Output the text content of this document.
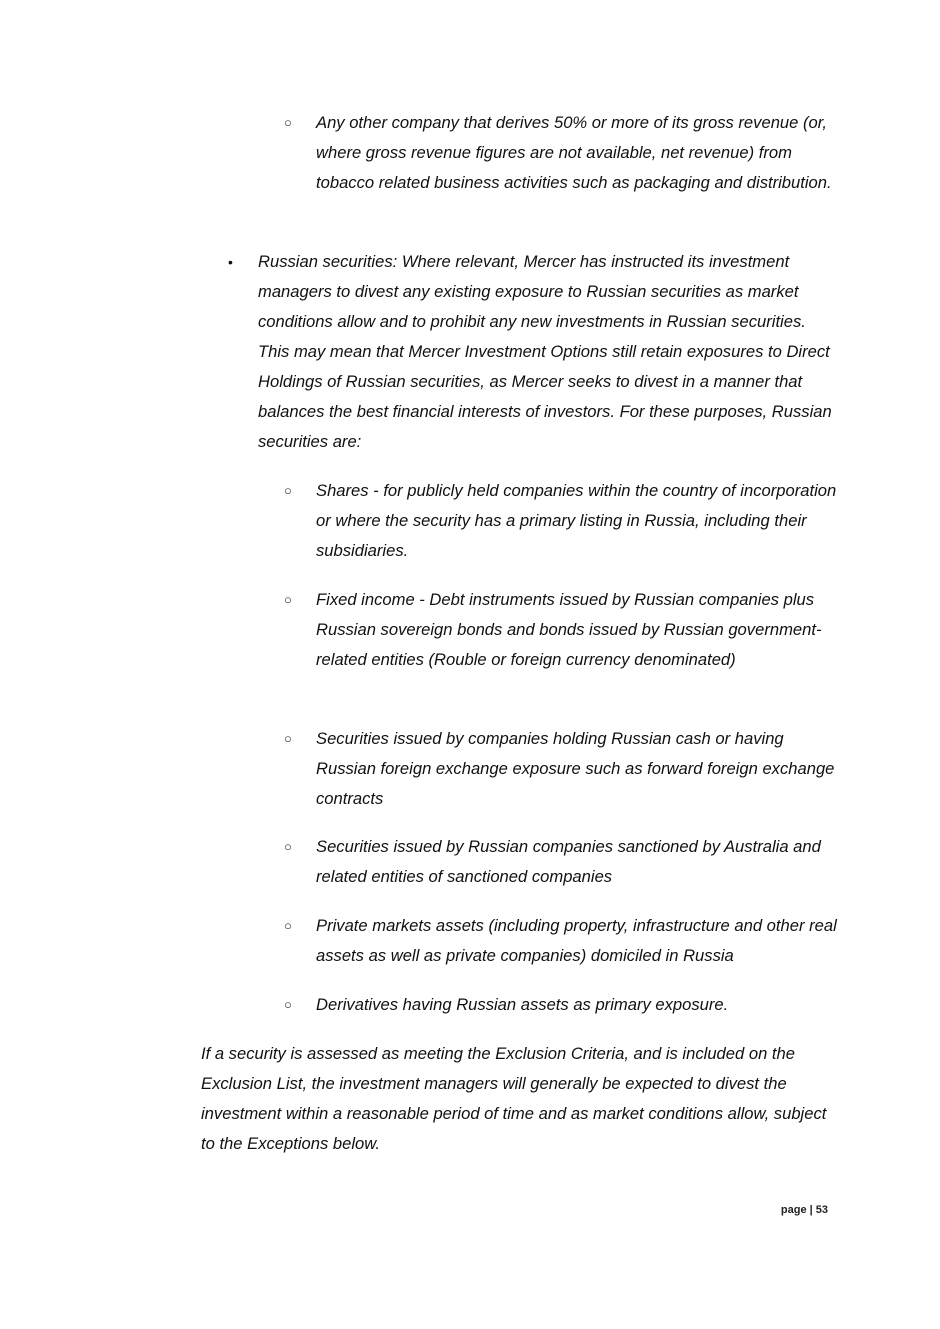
○ Any other company that derives 50% or more of its gross revenue (or, where gross revenue figures are not available, net revenue) from tobacco related business activities such as packaging and distribution.

• Russian securities: Where relevant, Mercer has instructed its investment managers to divest any existing exposure to Russian securities as market conditions allow and to prohibit any new investments in Russian securities. This may mean that Mercer Investment Options still retain exposures to Direct Holdings of Russian securities, as Mercer seeks to divest in a manner that balances the best financial interests of investors. For these purposes, Russian securities are:

○ Shares - for publicly held companies within the country of incorporation or where the security has a primary listing in Russia, including their subsidiaries.

○ Fixed income - Debt instruments issued by Russian companies plus Russian sovereign bonds and bonds issued by Russian government-related entities (Rouble or foreign currency denominated)

○ Securities issued by companies holding Russian cash or having Russian foreign exchange exposure such as forward foreign exchange contracts

○ Securities issued by Russian companies sanctioned by Australia and related entities of sanctioned companies

○ Private markets assets (including property, infrastructure and other real assets as well as private companies) domiciled in Russia

○ Derivatives having Russian assets as primary exposure.

If a security is assessed as meeting the Exclusion Criteria, and is included on the Exclusion List, the investment managers will generally be expected to divest the investment within a reasonable period of time and as market conditions allow, subject to the Exceptions below.

page | 53
